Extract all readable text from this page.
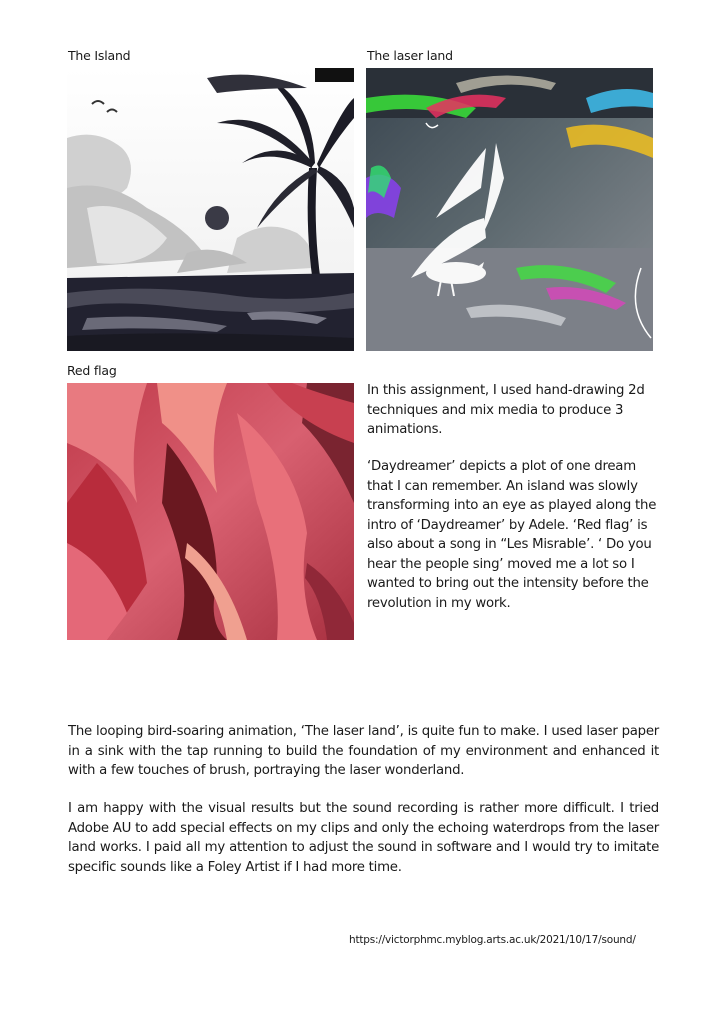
The Island	The laser land
Red flag

In this assignment, I used hand-drawing 2d techniques and mix media to produce 3 animations.

‘Daydreamer’ depicts a plot of one dream that I can remember. An island was slowly transforming into an eye as played along the intro of ‘Daydreamer’ by Adele. ‘Red flag’ is also about a song in “Les Misrable’. ‘ Do you hear the people sing’ moved me a lot so I wanted to bring out the intensity before the revolution in my work.

The looping bird-soaring animation, ‘The laser land’, is quite fun to make. I used laser paper in a sink with the tap running to build the foundation of my environment and enhanced it with a few touches of brush, portraying the laser wonderland.

I am happy with the visual results but the sound recording is rather more difficult. I tried Adobe AU to add special effects on my clips and only the echoing waterdrops from the laser land works. I paid all my attention to adjust the sound in software and I would try to imitate specific sounds like a Foley Artist if I had more time.

https://victorphmc.myblog.arts.ac.uk/2021/10/17/sound/
